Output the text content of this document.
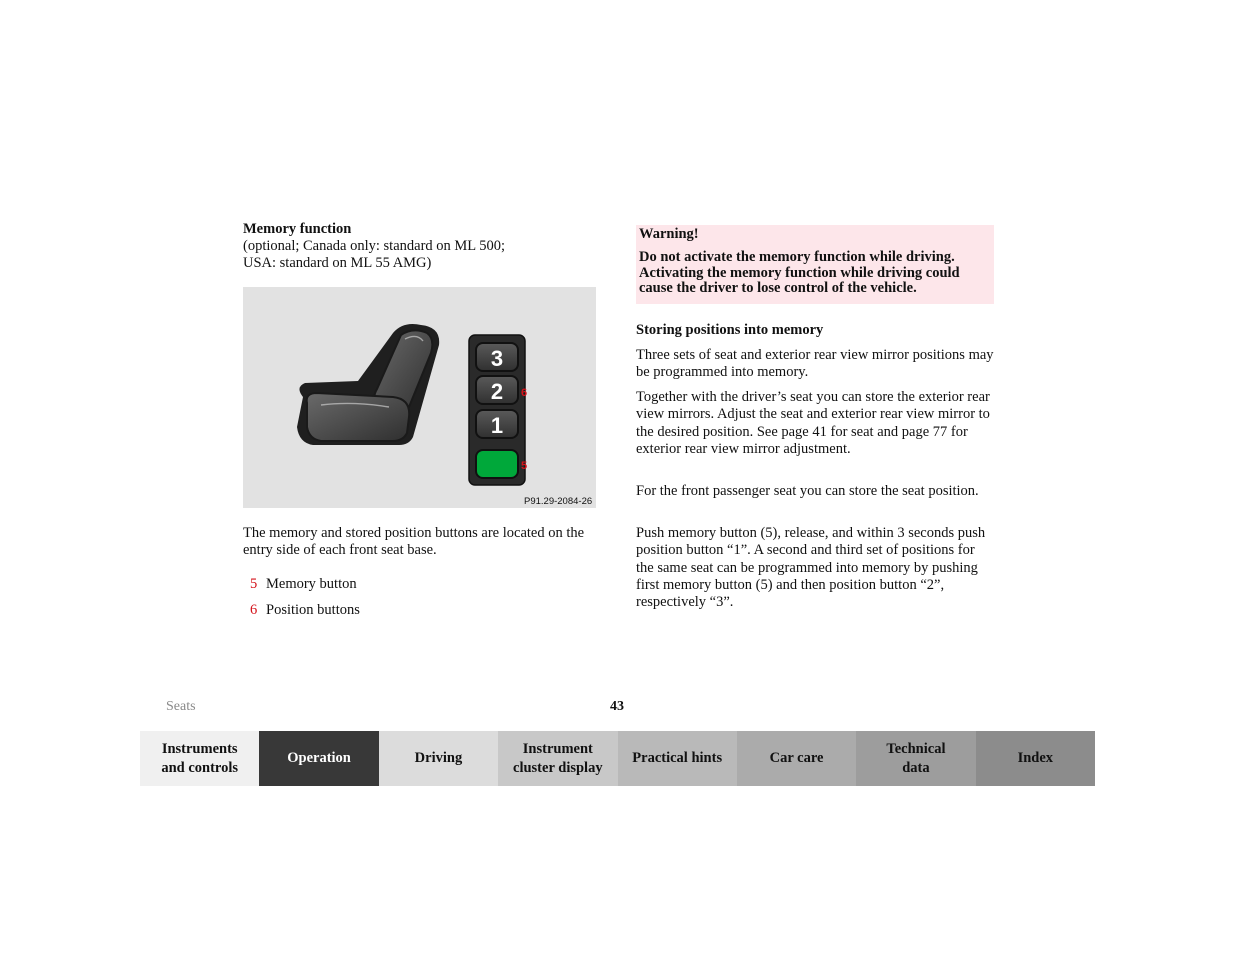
Memory function

(optional; Canada only: standard on ML 500;

USA: standard on ML 55 AMG)

3
2
1
6
5
P91.29-2084-26

The memory and stored position buttons are located on the entry side of each front seat base.

5 Memory button
6 Position buttons

Warning!

Do not activate the memory function while driving. Activating the memory function while driving could cause the driver to lose control of the vehicle.

Storing positions into memory

Three sets of seat and exterior rear view mirror positions may be programmed into memory.

Together with the driver’s seat you can store the exterior rear view mirrors. Adjust the seat and exterior rear view mirror to the desired position. See page 41 for seat and page 77 for exterior rear view mirror adjustment.

For the front passenger seat you can store the seat position.

Push memory button (5), release, and within 3 seconds push position button “1”. A second and third set of positions for the same seat can be programmed into memory by pushing first memory button (5) and then position button “2”, respectively “3”.

Seats	43
Instruments and controls
Operation	Driving
Instrument cluster display
Practical hints	Car care
Technical data
Index
